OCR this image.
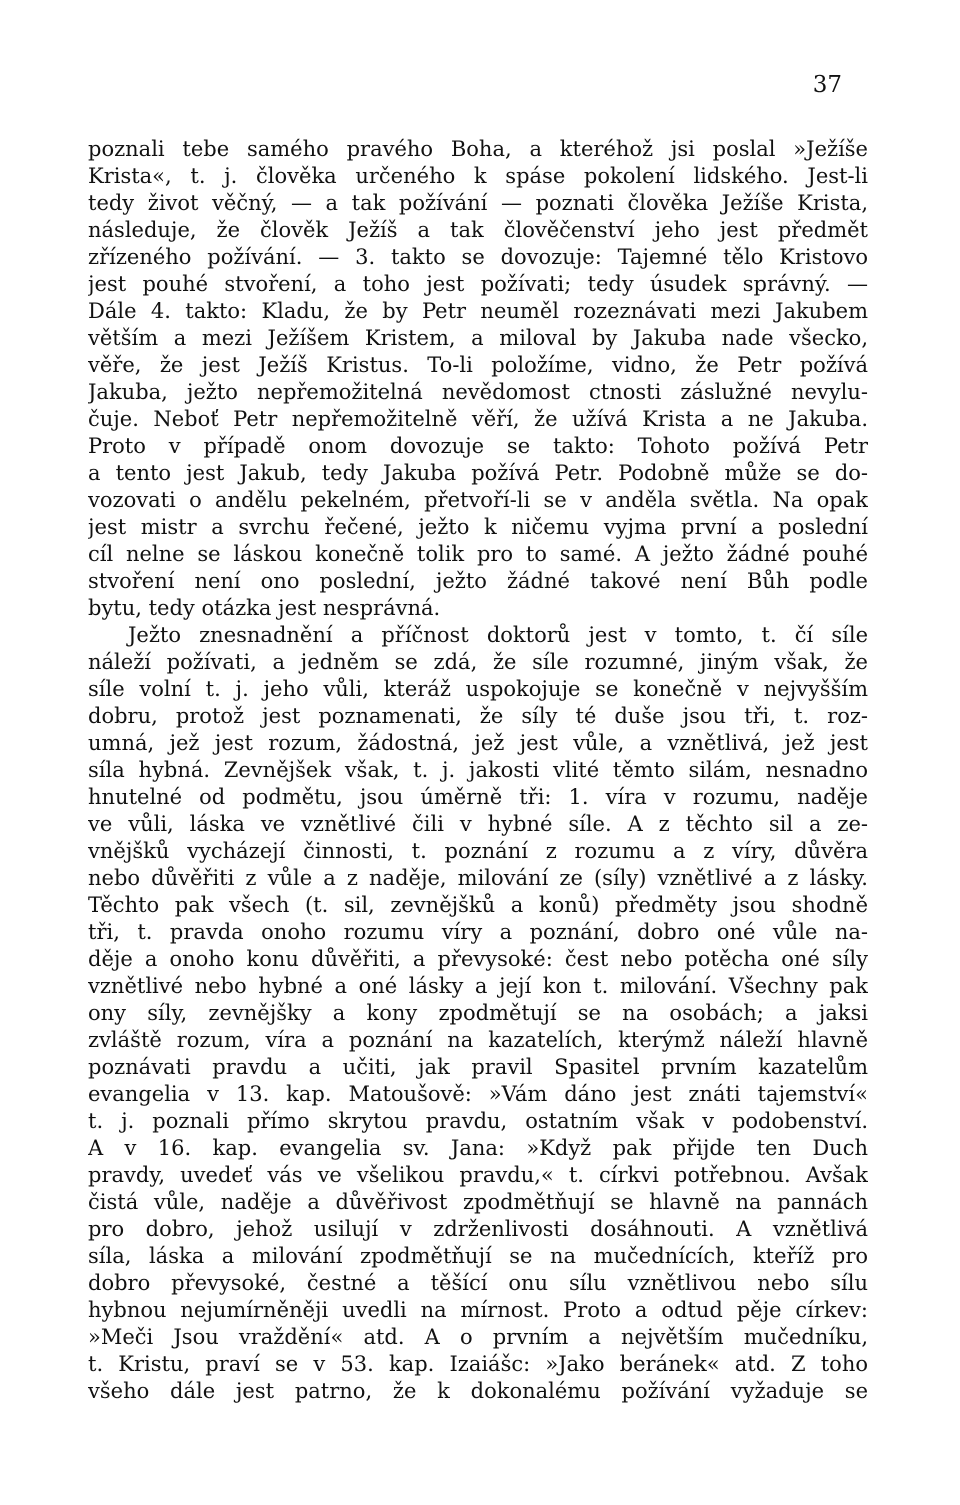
37
poznali tebe samého pravého Boha, a kteréhož jsi poslal »Ježíše
Krista«, t. j. člověka určeného k spáse pokolení lidského. Jest-li
tedy život věčný, — a tak požívání — poznati člověka Ježíše Krista,
následuje, že člověk Ježíš a tak člověčenství jeho jest předmět
zřízeného požívání. — 3. takto se dovozuje: Tajemné tělo Kristovo
jest pouhé stvoření, a toho jest požívati; tedy úsudek správný. —
Dále 4. takto: Kladu, že by Petr neuměl rozeznávati mezi Jakubem
větším a mezi Ježíšem Kristem, a miloval by Jakuba nade všecko,
věře, že jest Ježíš Kristus. To-li položíme, vidno, že Petr požívá
Jakuba, ježto nepřemožitelná nevědomost ctnosti záslužné nevylu-
čuje. Neboť Petr nepřemožitelně věří, že užívá Krista a ne Jakuba.
Proto v případě onom dovozuje se takto: Tohoto požívá Petr
a tento jest Jakub, tedy Jakuba požívá Petr. Podobně může se do-
vozovati o andělu pekelném, přetvoří-li se v anděla světla. Na opak
jest mistr a svrchu řečené, ježto k ničemu vyjma první a poslední
cíl nelne se láskou konečně tolik pro to samé. A ježto žádné pouhé
stvoření není ono poslední, ježto žádné takové není Bůh podle
bytu, tedy otázka jest nesprávná.
Ježto znesnadnění a příčnost doktorů jest v tomto, t. čí síle
náleží požívati, a jedněm se zdá, že síle rozumné, jiným však, že
síle volní t. j. jeho vůli, kteráž uspokojuje se konečně v nejvyšším
dobru, protož jest poznamenati, že síly té duše jsou tři, t. roz-
umná, jež jest rozum, žádostná, jež jest vůle, a vznětlivá, jež jest
síla hybná. Zevnějšek však, t. j. jakosti vlité těmto silám, nesnadno
hnutelné od podmětu, jsou úměrně tři: 1. víra v rozumu, naděje
ve vůli, láska ve vznětlivé čili v hybné síle. A z těchto sil a ze-
vnějšků vycházejí činnosti, t. poznání z rozumu a z víry, důvěra
nebo důvěřiti z vůle a z naděje, milování ze (síly) vznětlivé a z lásky.
Těchto pak všech (t. sil, zevnějšků a konů) předměty jsou shodně
tři, t. pravda onoho rozumu víry a poznání, dobro oné vůle na-
děje a onoho konu důvěřiti, a převysoké: čest nebo potěcha oné síly
vznětlivé nebo hybné a oné lásky a její kon t. milování. Všechny pak
ony síly, zevnějšky a kony zpodmětují se na osobách; a jaksi
zvláště rozum, víra a poznání na kazatelích, kterýmž náleží hlavně
poznávati pravdu a učiti, jak pravil Spasitel prvním kazatelům
evangelia v 13. kap. Matoušově: »Vám dáno jest znáti tajemství«
t. j. poznali přímo skrytou pravdu, ostatním však v podobenství.
A v 16. kap. evangelia sv. Jana: »Když pak přijde ten Duch
pravdy, uvedeť vás ve všelikou pravdu,« t. církvi potřebnou. Avšak
čistá vůle, naděje a důvěřivost zpodmětňují se hlavně na pannách
pro dobro, jehož usilují v zdrženlivosti dosáhnouti. A vznětlivá
síla, láska a milování zpodmětňují se na mučednících, kteříž pro
dobro převysoké, čestné a těšící onu sílu vznětlivou nebo sílu
hybnou nejumírněněji uvedli na mírnost. Proto a odtud pěje církev:
»Meči Jsou vraždění« atd. A o prvním a největším mučedníku,
t. Kristu, praví se v 53. kap. Izaiášc: »Jako beránek« atd. Z toho
všeho dále jest patrno, že k dokonalému požívání vyžaduje se
